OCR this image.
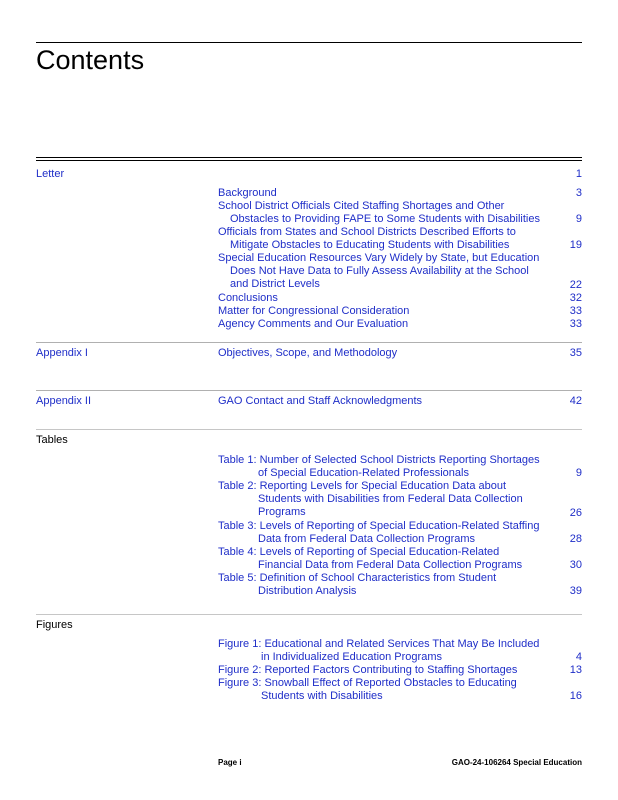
Contents
Letter	1
Background	3
School District Officials Cited Staffing Shortages and Other
Obstacles to Providing FAPE to Some Students with Disabilities	9
Officials from States and School Districts Described Efforts to
Mitigate Obstacles to Educating Students with Disabilities	19
Special Education Resources Vary Widely by State, but Education
Does Not Have Data to Fully Assess Availability at the School
and District Levels	22
Conclusions	32
Matter for Congressional Consideration	33
Agency Comments and Our Evaluation	33
Appendix I	Objectives, Scope, and Methodology	35
Appendix II	GAO Contact and Staff Acknowledgments	42
Tables
Table 1: Number of Selected School Districts Reporting Shortages
of Special Education-Related Professionals	9
Table 2: Reporting Levels for Special Education Data about
Students with Disabilities from Federal Data Collection
Programs	26
Table 3: Levels of Reporting of Special Education-Related Staffing
Data from Federal Data Collection Programs	28
Table 4: Levels of Reporting of Special Education-Related
Financial Data from Federal Data Collection Programs	30
Table 5: Definition of School Characteristics from Student
Distribution Analysis	39
Figures
Figure 1: Educational and Related Services That May Be Included
in Individualized Education Programs	4
Figure 2: Reported Factors Contributing to Staffing Shortages	13
Figure 3: Snowball Effect of Reported Obstacles to Educating
Students with Disabilities	16
Page i	GAO-24-106264 Special Education
